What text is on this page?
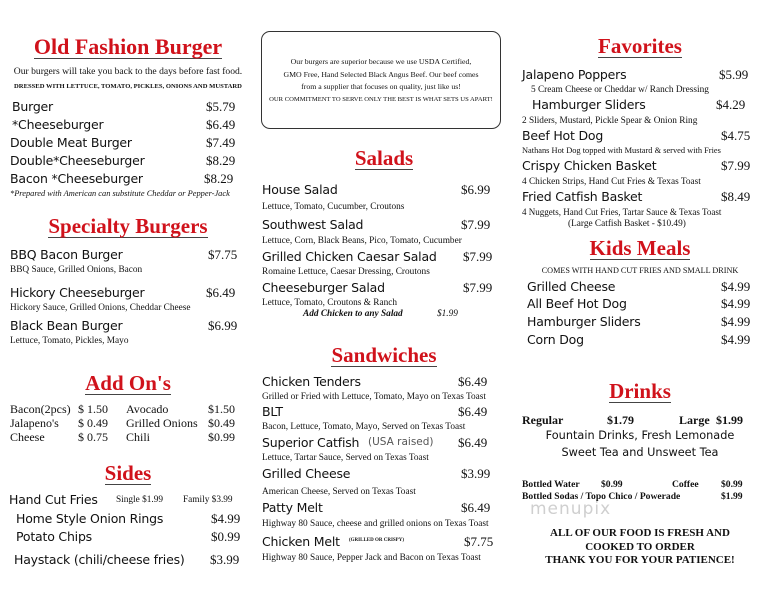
Old Fashion Burger
Our burgers will take you back to the days before fast food.
DRESSED WITH LETTUCE, TOMATO, PICKLES, ONIONS AND MUSTARD
Burger	$5.79
*Cheeseburger	$6.49
Double Meat Burger	$7.49
Double*Cheeseburger	$8.29
Bacon *Cheeseburger	$8.29
*Prepared with American can substitute Cheddar or Pepper-Jack
Specialty Burgers
BBQ Bacon Burger	$7.75
BBQ Sauce, Grilled Onions, Bacon
Hickory Cheeseburger	$6.49
Hickory Sauce, Grilled Onions, Cheddar Cheese
Black Bean Burger	$6.99
Lettuce, Tomato, Pickles, Mayo
Add On's
Bacon(2pcs) $ 1.50 Avocado	$1.50
Jalapeno's $ 0.49 Grilled Onions $0.49
Cheese	$ 0.75 Chili	$0.99
Sides
Hand Cut Fries Single $1.99 Family $3.99
Home Style Onion Rings	$4.99
Potato Chips	$0.99
Haystack (chili/cheese fries) $3.99
Our burgers are superior because we use USDA Certified,
GMO Free, Hand Selected Black Angus Beef. Our beef comes
from a supplier that focuses on quality, just like us!
OUR COMMITMENT TO SERVE ONLY THE BEST IS WHAT SETS US APART!
Salads
House Salad	$6.99
Lettuce, Tomato, Cucumber, Croutons
Southwest Salad	$7.99
Lettuce, Corn, Black Beans, Pico, Tomato, Cucumber
Grilled Chicken Caesar Salad $7.99
Romaine Lettuce, Caesar Dressing, Croutons
Cheeseburger Salad	$7.99
Lettuce, Tomato, Croutons & Ranch
Add Chicken to any Salad	$1.99
Sandwiches
Chicken Tenders	$6.49
Grilled or Fried with Lettuce, Tomato, Mayo on Texas Toast
BLT	$6.49
Bacon, Lettuce, Tomato, Mayo, Served on Texas Toast
Superior Catfish (USA raised) $6.49
Lettuce, Tartar Sauce, Served on Texas Toast
Grilled Cheese	$3.99
American Cheese, Served on Texas Toast
Patty Melt	$6.49
Highway 80 Sauce, cheese and grilled onions on Texas Toast
Chicken Melt (GRILLED OR CRISPY)	$7.75
Highway 80 Sauce, Pepper Jack and Bacon on Texas Toast
Favorites
Jalapeno Poppers	$5.99
5 Cream Cheese or Cheddar w/ Ranch Dressing
Hamburger Sliders	$4.29
2 Sliders, Mustard, Pickle Spear & Onion Ring
Beef Hot Dog	$4.75
Nathans Hot Dog topped with Mustard & served with Fries
Crispy Chicken Basket	$7.99
4 Chicken Strips, Hand Cut Fries & Texas Toast
Fried Catfish Basket	$8.49
4 Nuggets, Hand Cut Fries, Tartar Sauce & Texas Toast
(Large Catfish Basket - $10.49)
Kids Meals
COMES WITH HAND CUT FRIES AND SMALL DRINK
Grilled Cheese	$4.99
All Beef Hot Dog	$4.99
Hamburger Sliders	$4.99
Corn Dog	$4.99
Drinks
Regular	$1.79	Large $1.99
Fountain Drinks, Fresh Lemonade
Sweet Tea and Unsweet Tea
Bottled Water $0.99	Coffee $0.99
Bottled Sodas / Topo Chico / Powerade	$1.99
menupix
ALL OF OUR FOOD IS FRESH AND
COOKED TO ORDER
THANK YOU FOR YOUR PATIENCE!
